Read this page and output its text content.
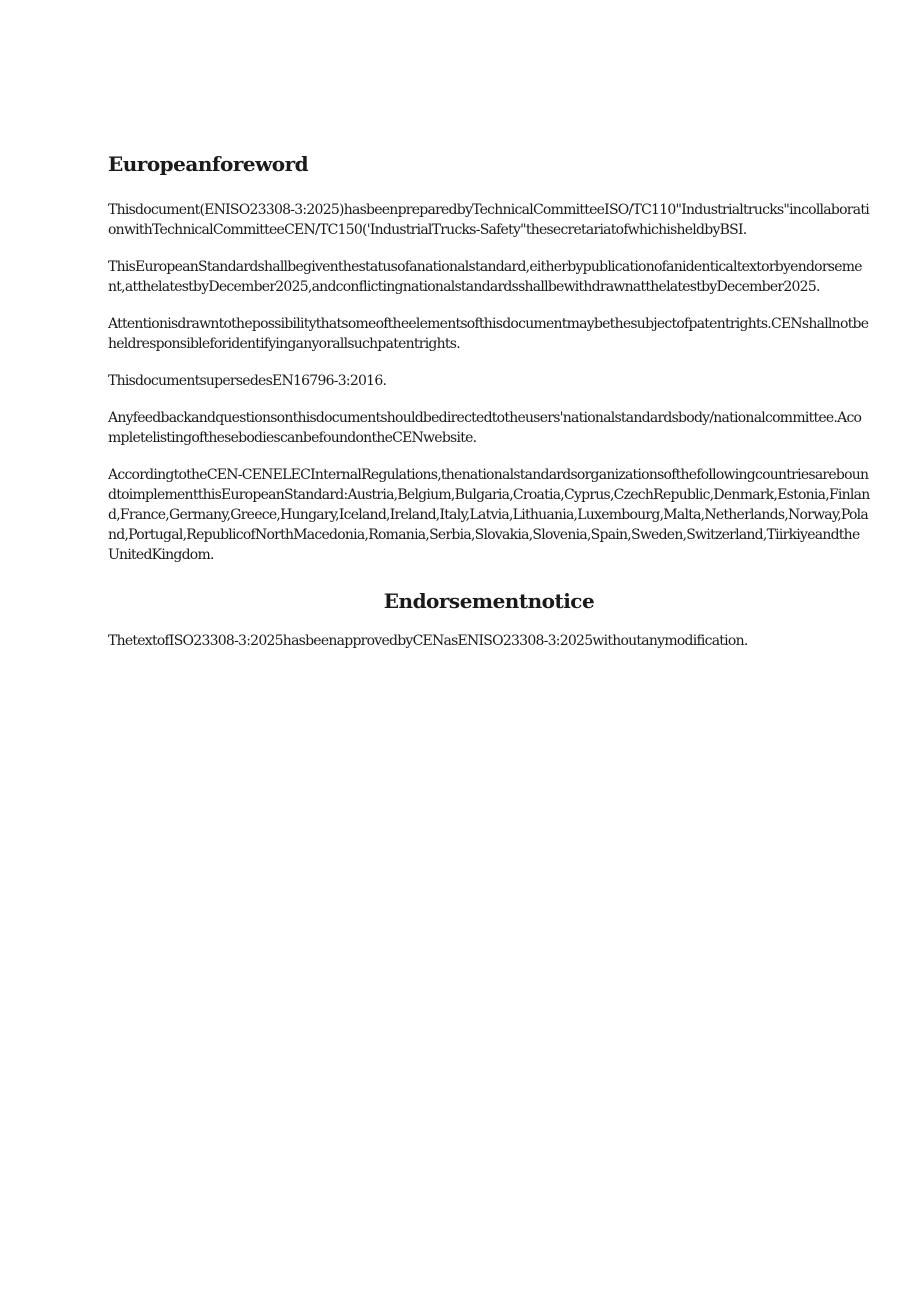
Europeanforeword

Thisdocument(ENISO23308-3:2025)hasbeenpreparedbyTechnicalCommitteeISO/TC110"Industrialtrucks"incollaborationwithTechnicalCommitteeCEN/TC150('IndustrialTrucks-Safety"thesecretariatofwhichisheldbyBSI.

ThisEuropeanStandardshallbegiventhestatusofanationalstandard,eitherbypublicationofanidenticaltextorbyendorsement,atthelatestbyDecember2025,andconflictingnationalstandardsshallbewithdrawnatthelatestbyDecember2025.

Attentionisdrawntothepossibilitythatsomeoftheelementsofthisdocumentmaybethesubjectofpatentrights.CENshallnotbeheldresponsibleforidentifyinganyorallsuchpatentrights.

ThisdocumentsupersedesEN16796-3:2016.

Anyfeedbackandquestionsonthisdocumentshouldbedirectedtotheusers'nationalstandardsbody/nationalcommittee.AcompletelistingofthesebodiescanbefoundontheCENwebsite.

AccordingtotheCEN-CENELECInternalRegulations,thenationalstandardsorganizationsofthefollowingcountriesareboundtoimplementthisEuropeanStandard:Austria,Belgium,Bulgaria,Croatia,Cyprus,CzechRepublic,Denmark,Estonia,Finland,France,Germany,Greece,Hungary,Iceland,Ireland,Italy,Latvia,Lithuania,Luxembourg,Malta,Netherlands,Norway,Poland,Portugal,RepublicofNorthMacedonia,Romania,Serbia,Slovakia,Slovenia,Spain,Sweden,Switzerland,TiirkiyeandtheUnitedKingdom.

Endorsementnotice

ThetextofISO23308-3:2025hasbeenapprovedbyCENasENISO23308-3:2025withoutanymodification.
